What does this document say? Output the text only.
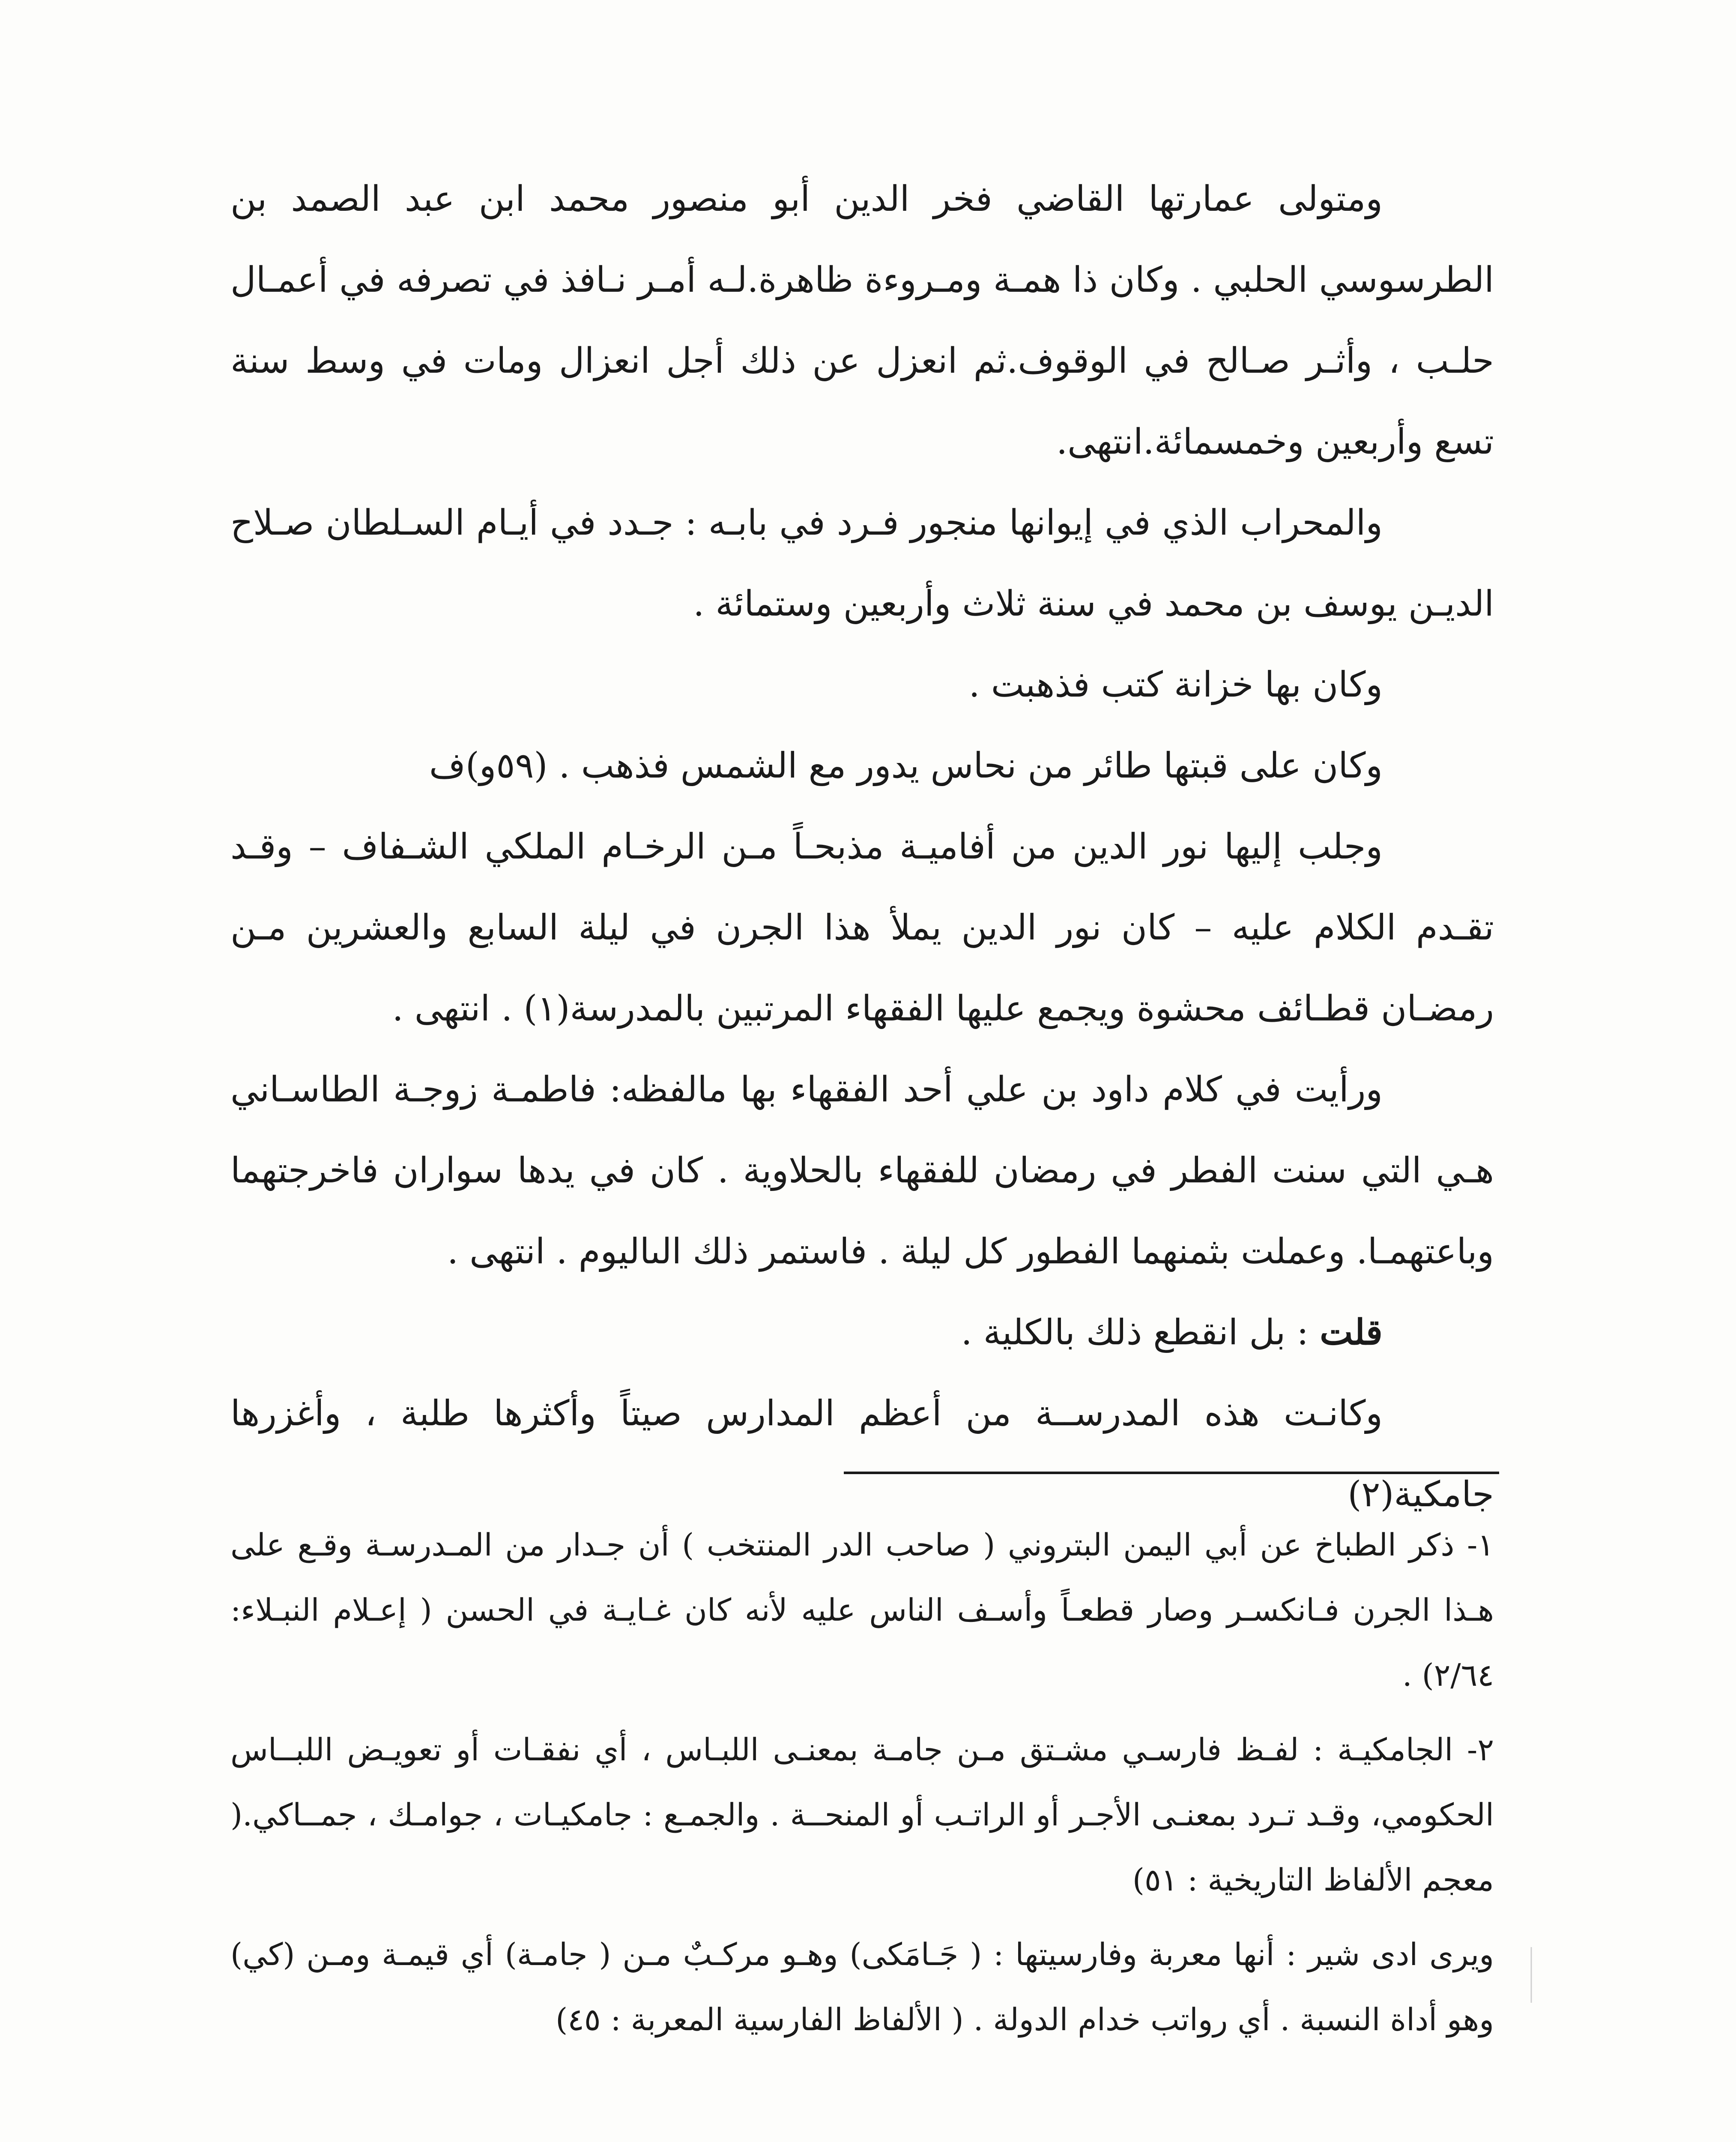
ومتولى عمارتها القاضي فخر الدين أبو منصور محمد ابن عبد الصمد بن الطرسوسي الحلبي . وكان ذا همـة ومـروءة ظاهرة.لـه أمـر نـافذ في تصرفه في أعمـال حلـب ، وأثـر صـالح في الوقوف.ثم انعزل عن ذلك أجل انعزال ومات في وسط سنة تسع وأربعين وخمسمائة.انتهى.

والمحراب الذي في إيوانها منجور فـرد في بابـه : جـدد في أيـام السـلطان صـلاح الديـن يوسف بن محمد في سنة ثلاث وأربعين وستمائة .

وكان بها خزانة كتب فذهبت .

وكان على قبتها طائر من نحاس يدور مع الشمس فذهب . (٥٩و)ف

وجلب إليها نور الدين من أفاميـة مذبحـاً مـن الرخـام الملكي الشـفاف – وقـد تقـدم الكلام عليه – كان نور الدين يملأ هذا الجرن في ليلة السابع والعشرين مـن رمضـان قطـائف محشوة ويجمع عليها الفقهاء المرتبين بالمدرسة(١) . انتهى .

ورأيت في كلام داود بن علي أحد الفقهاء بها مالفظه: فاطمـة زوجـة الطاسـاني هـي التي سنت الفطر في رمضان للفقهاء بالحلاوية . كان في يدها سواران فاخرجتهما وباعتهمـا. وعملت بثمنهما الفطور كل ليلة . فاستمر ذلك الىاليوم . انتهى .

قلت : بل انقطع ذلك بالكلية .

وكانـت هذه المدرســة من أعظم المدارس صيتاً وأكثرها طلبة ، وأغزرها جامكية(٢)

١- ذكر الطباخ عن أبي اليمن البتروني ( صاحب الدر المنتخب ) أن جـدار من المـدرسـة وقـع على هـذا الجرن فـانكسـر وصار قطعـاً وأسـف الناس عليه لأنه كان غـايـة في الحسن ( إعـلام النبـلاء: ٢/٦٤) .

٢- الجامكيـة : لفـظ فارسـي مشـتق مـن جامـة بمعنـى اللبـاس ، أي نفقـات أو تعويـض اللبــاس الحكومي، وقـد تـرد بمعنـى الأجـر أو الراتـب أو المنحــة . والجمـع : جامكيـات ، جوامـك ، جمــاكي.( معجم الألفاظ التاريخية : ٥١)

ويرى ادى شير : أنها معربة وفارسيتها : ( جَـامَكى) وهـو مركـبٌ مـن ( جامـة) أي قيمـة ومـن (كي) وهو أداة النسبة . أي رواتب خدام الدولة . ( الألفاظ الفارسية المعربة : ٤٥)
